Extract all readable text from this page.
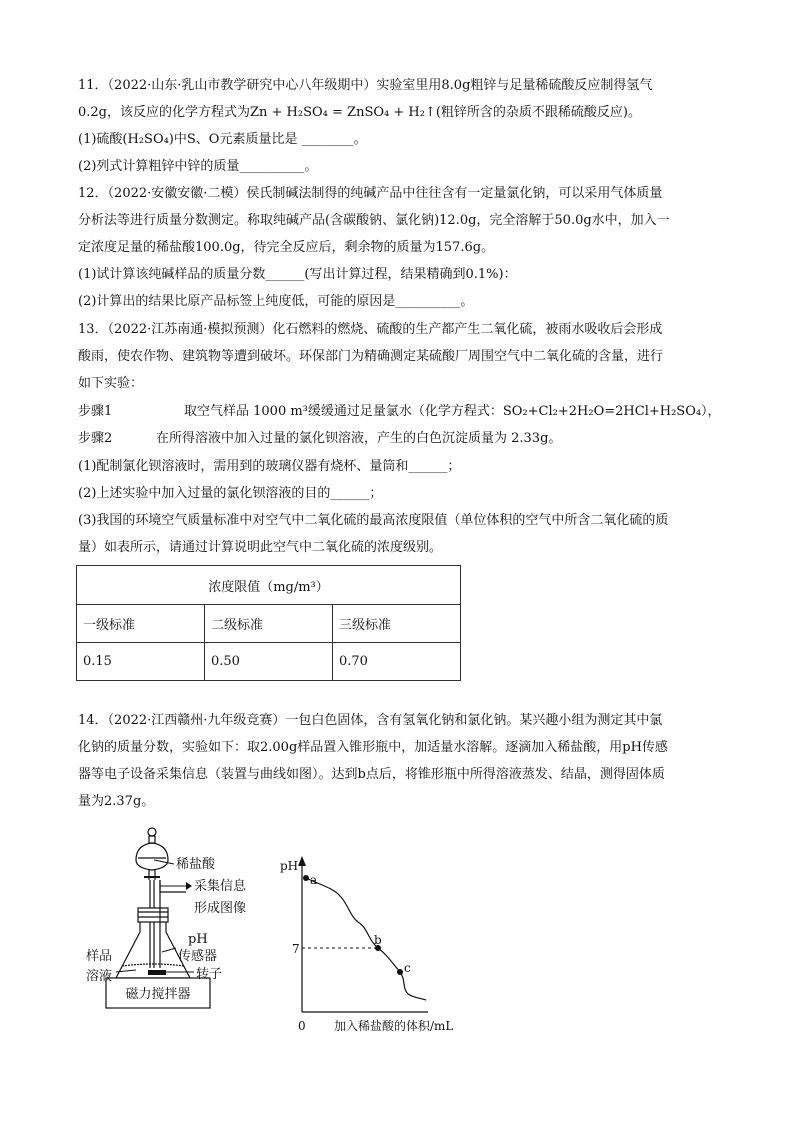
11．（2022·山东·乳山市教学研究中心八年级期中）实验室里用8.0g粗锌与足量稀硫酸反应制得氢气
0.2g，该反应的化学方程式为Zn + H₂SO₄ = ZnSO₄ + H₂↑(粗锌所含的杂质不跟稀硫酸反应)。
(1)硫酸(H₂SO₄)中S、O元素质量比是 ________。
(2)列式计算粗锌中锌的质量__________。
12．（2022·安徽安徽·二模）侯氏制碱法制得的纯碱产品中往往含有一定量氯化钠，可以采用气体质量
分析法等进行质量分数测定。称取纯碱产品(含碳酸钠、氯化钠)12.0g，完全溶解于50.0g水中，加入一
定浓度足量的稀盐酸100.0g，待完全反应后，剩余物的质量为157.6g。
(1)试计算该纯碱样品的质量分数______(写出计算过程，结果精确到0.1%)：
(2)计算出的结果比原产品标签上纯度低，可能的原因是__________。
13．（2022·江苏南通·模拟预测）化石燃料的燃烧、硫酸的生产都产生二氧化硫，被雨水吸收后会形成
酸雨，使农作物、建筑物等遭到破坏。环保部门为精确测定某硫酸厂周围空气中二氧化硫的含量，进行
如下实验：
步骤1	取空气样品 1000 m³缓缓通过足量氯水（化学方程式：SO₂+Cl₂+2H₂O=2HCl+H₂SO₄），
步骤2	在所得溶液中加入过量的氯化钡溶液，产生的白色沉淀质量为 2.33g。
(1)配制氯化钡溶液时，需用到的玻璃仪器有烧杯、量筒和______；
(2)上述实验中加入过量的氯化钡溶液的目的______；
(3)我国的环境空气质量标准中对空气中二氧化硫的最高浓度限值（单位体积的空气中所含二氧化硫的质
量）如表所示，请通过计算说明此空气中二氧化硫的浓度级别。
浓度限值（mg/m³）		
一级标准	二级标准	三级标准
0.15	0.50	0.70
14．（2022·江西赣州·九年级竞赛）一包白色固体，含有氢氧化钠和氯化钠。某兴趣小组为测定其中氯
化钠的质量分数，实验如下：取2.00g样品置入锥形瓶中，加适量水溶解。逐滴加入稀盐酸，用pH传感
器等电子设备采集信息（装置与曲线如图）。达到b点后，将锥形瓶中所得溶液蒸发、结晶，测得固体质
量为2.37g。
磁力搅拌器
稀盐酸
采集信息
形成图像
pH
传感器
转子
样品
溶液
pH
7
0 加入稀盐酸的体积/mL
a
b
c
